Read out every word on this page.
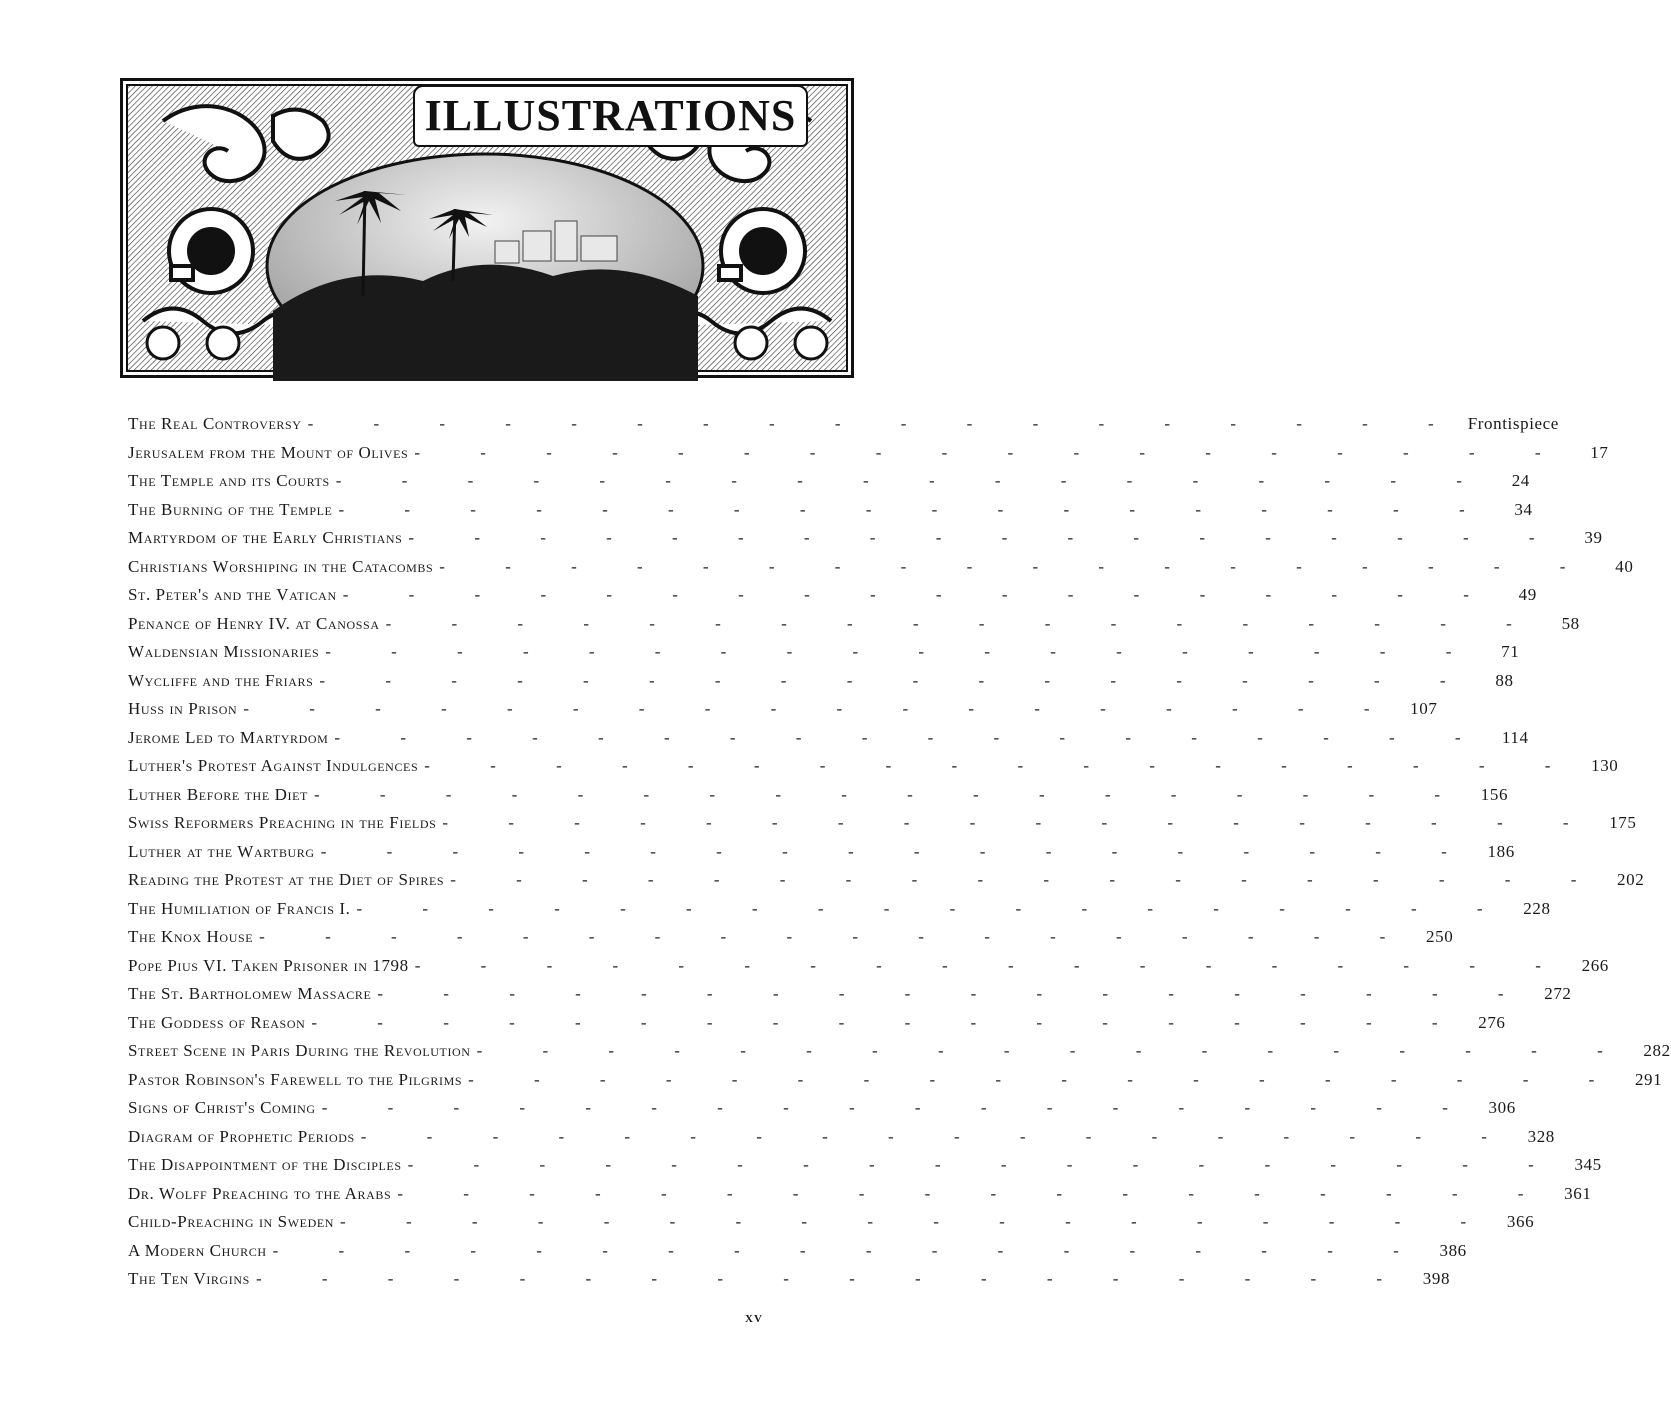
ILLUSTRATIONS
The Real Controversy - - - - - - - - - - - - - - - - - - Frontispiece
Jerusalem from the Mount of Olives - - - - - - - - - - - - - - - - - -	17
The Temple and its Courts - - - - - - - - - - - - - - - - - -	24
The Burning of the Temple - - - - - - - - - - - - - - - - - -	34
Martyrdom of the Early Christians - - - - - - - - - - - - - - - - - -	39
Christians Worshiping in the Catacombs - - - - - - - - - - - - - - - - - -	40
St. Peter's and the Vatican - - - - - - - - - - - - - - - - - -	49
Penance of Henry IV. at Canossa - - - - - - - - - - - - - - - - - -	58
Waldensian Missionaries - - - - - - - - - - - - - - - - - -	71
Wycliffe and the Friars - - - - - - - - - - - - - - - - - -	88
Huss in Prison - - - - - - - - - - - - - - - - - - 107
Jerome Led to Martyrdom - - - - - - - - - - - - - - - - - - 114
Luther's Protest Against Indulgences - - - - - - - - - - - - - - - - - - 130
Luther Before the Diet - - - - - - - - - - - - - - - - - - 156
Swiss Reformers Preaching in the Fields - - - - - - - - - - - - - - - - - - 175
Luther at the Wartburg - - - - - - - - - - - - - - - - - - 186
Reading the Protest at the Diet of Spires - - - - - - - - - - - - - - - - - - 202
The Humiliation of Francis I. - - - - - - - - - - - - - - - - - - 228
The Knox House - - - - - - - - - - - - - - - - - - 250
Pope Pius VI. Taken Prisoner in 1798 - - - - - - - - - - - - - - - - - - 266
The St. Bartholomew Massacre - - - - - - - - - - - - - - - - - - 272
The Goddess of Reason - - - - - - - - - - - - - - - - - - 276
Street Scene in Paris During the Revolution - - - - - - - - - - - - - - - - - - 282
Pastor Robinson's Farewell to the Pilgrims - - - - - - - - - - - - - - - - - - 291
Signs of Christ's Coming - - - - - - - - - - - - - - - - - - 306
Diagram of Prophetic Periods - - - - - - - - - - - - - - - - - - 328
The Disappointment of the Disciples - - - - - - - - - - - - - - - - - - 345
Dr. Wolff Preaching to the Arabs - - - - - - - - - - - - - - - - - - 361
Child-Preaching in Sweden - - - - - - - - - - - - - - - - - - 366
A Modern Church - - - - - - - - - - - - - - - - - - 386
The Ten Virgins - - - - - - - - - - - - - - - - - - 398
xv
